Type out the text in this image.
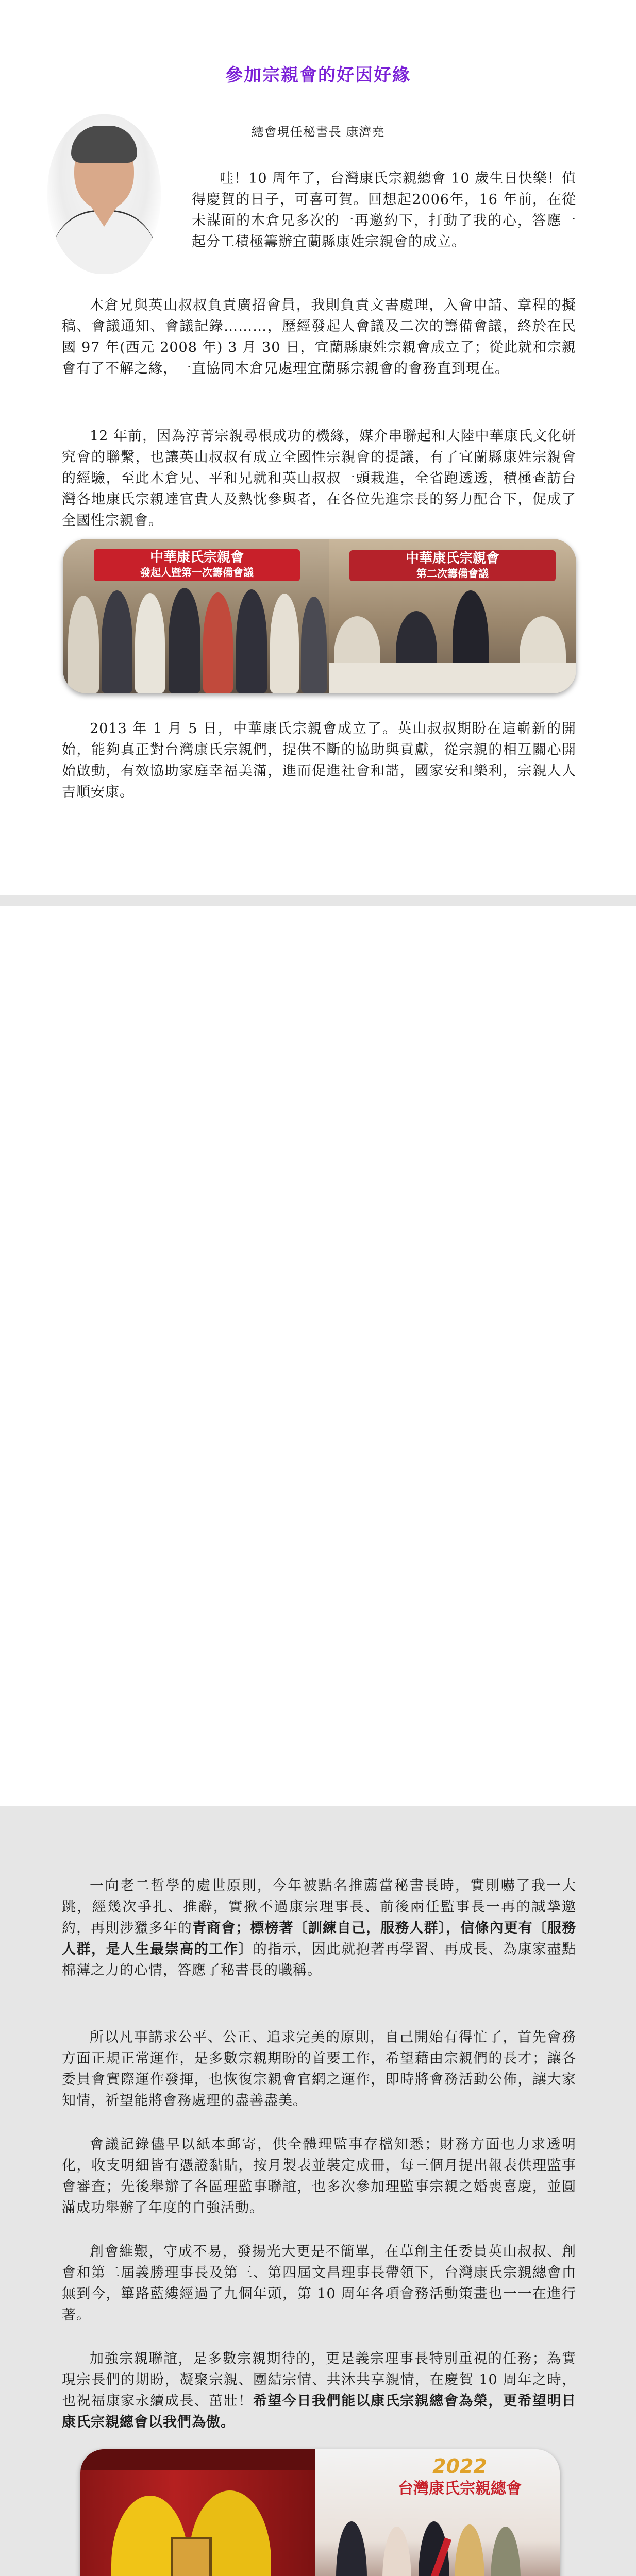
參加宗親會的好因好緣
總會現任秘書長 康濟堯

哇！10 周年了，台灣康氏宗親總會 10 歲生日快樂！值得慶賀的日子，可喜可賀。回想起2006年，16 年前，在從未謀面的木倉兄多次的一再邀約下，打動了我的心，答應一起分工積極籌辦宜蘭縣康姓宗親會的成立。

木倉兄與英山叔叔負責廣招會員，我則負責文書處理，入會申請、章程的擬稿、會議通知、會議記錄………，歷經發起人會議及二次的籌備會議，終於在民國 97 年(西元 2008 年) 3 月 30 日，宜蘭縣康姓宗親會成立了；從此就和宗親會有了不解之緣，一直協同木倉兄處理宜蘭縣宗親會的會務直到現在。

12 年前，因為淳菁宗親尋根成功的機緣，媒介串聯起和大陸中華康氏文化研究會的聯繫，也讓英山叔叔有成立全國性宗親會的提議，有了宜蘭縣康姓宗親會的經驗，至此木倉兄、平和兄就和英山叔叔一頭栽進，全省跑透透，積極查訪台灣各地康氏宗親達官貴人及熱忱參與者，在各位先進宗長的努力配合下，促成了全國性宗親會。

中華康氏宗親會
發起人暨第一次籌備會議
中華康氏宗親會
第二次籌備會議

2013 年 1 月 5 日，中華康氏宗親會成立了。英山叔叔期盼在這嶄新的開始，能夠真正對台灣康氏宗親們，提供不斷的協助與貢獻，從宗親的相互關心開始啟動，有效協助家庭幸福美滿，進而促進社會和諧，國家安和樂利，宗親人人吉順安康。

一向老二哲學的處世原則，今年被點名推薦當秘書長時，實則嚇了我一大跳，經幾次爭扎、推辭，實揪不過康宗理事長、前後兩任監事長一再的誠摯邀約，再則涉獵多年的青商會；標榜著〔訓練自己，服務人群〕，信條內更有〔服務人群，是人生最崇高的工作〕的指示，因此就抱著再學習、再成長、為康家盡點棉薄之力的心情，答應了秘書長的職稱。

所以凡事講求公平、公正、追求完美的原則，自己開始有得忙了，首先會務方面正規正常運作，是多數宗親期盼的首要工作，希望藉由宗親們的長才；讓各委員會實際運作發揮，也恢復宗親會官網之運作，即時將會務活動公佈，讓大家知情，祈望能將會務處理的盡善盡美。

會議記錄儘早以紙本郵寄，供全體理監事存檔知悉；財務方面也力求透明化，收支明細皆有憑證黏貼，按月製表並裝定成冊，每三個月提出報表供理監事會審查；先後舉辦了各區理監事聯誼，也多次參加理監事宗親之婚喪喜慶，並圓滿成功舉辦了年度的自強活動。

創會維艱，守成不易，發揚光大更是不簡單，在草創主任委員英山叔叔、創會和第二屆義勝理事長及第三、第四屆文昌理事長帶領下，台灣康氏宗親總會由無到今，篳路藍縷經過了九個年頭，第 10 周年各項會務活動策畫也一一在進行著。

加強宗親聯誼，是多數宗親期待的，更是義宗理事長特別重視的任務；為實現宗長們的期盼，凝聚宗親、團結宗情、共沐共享親情，在慶賀 10 周年之時，也祝福康家永續成長、茁壯！希望今日我們能以康氏宗親總會為榮，更希望明日康氏宗親總會以我們為傲。

2022
台灣康氏宗親總會
